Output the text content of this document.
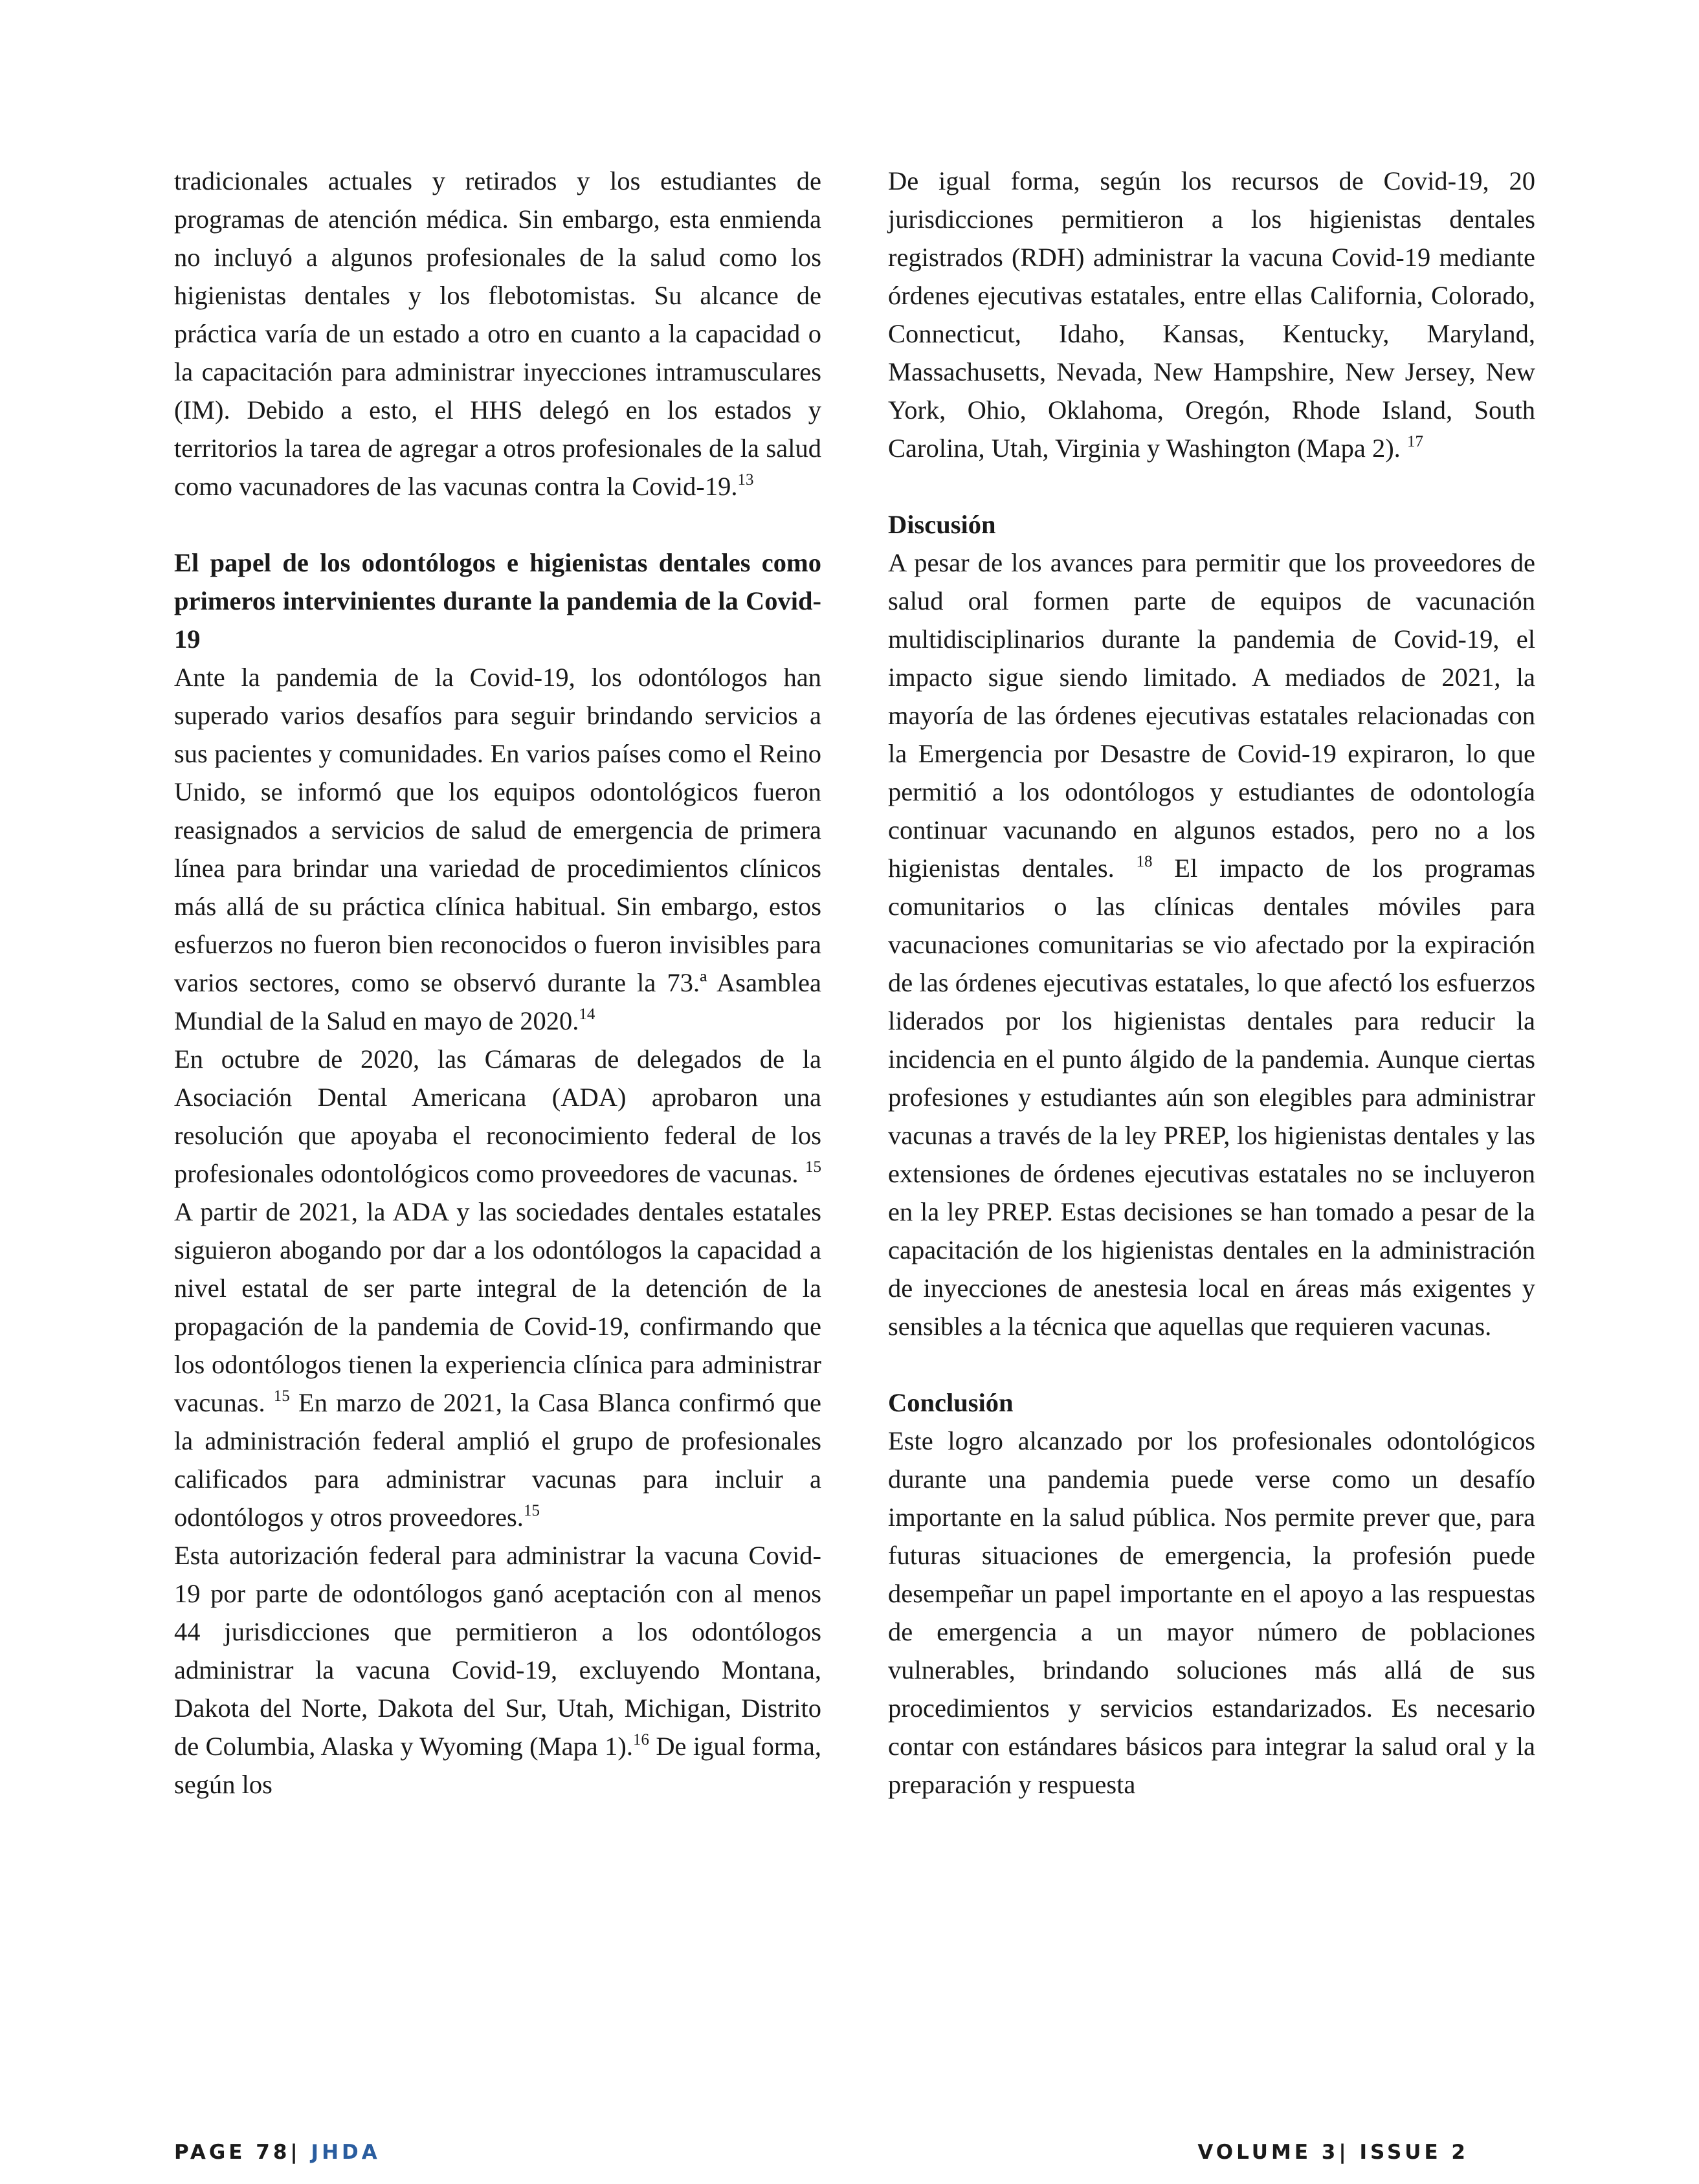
tradicionales actuales y retirados y los estudiantes de programas de atención médica. Sin embargo, esta enmienda no incluyó a algunos profesionales de la salud como los higienistas dentales y los flebotomistas. Su alcance de práctica varía de un estado a otro en cuanto a la capacidad o la capacitación para administrar inyecciones intramusculares (IM). Debido a esto, el HHS delegó en los estados y territorios la tarea de agregar a otros profesionales de la salud como vacunadores de las vacunas contra la Covid-19.13

El papel de los odontólogos e higienistas dentales como primeros intervinientes durante la pandemia de la Covid-19

Ante la pandemia de la Covid-19, los odontólogos han superado varios desafíos para seguir brindando servicios a sus pacientes y comunidades. En varios países como el Reino Unido, se informó que los equipos odontológicos fueron reasignados a servicios de salud de emergencia de primera línea para brindar una variedad de procedimientos clínicos más allá de su práctica clínica habitual. Sin embargo, estos esfuerzos no fueron bien reconocidos o fueron invisibles para varios sectores, como se observó durante la 73.ª Asamblea Mundial de la Salud en mayo de 2020.14

En octubre de 2020, las Cámaras de delegados de la Asociación Dental Americana (ADA) aprobaron una resolución que apoyaba el reconocimiento federal de los profesionales odontológicos como proveedores de vacunas. $^{15}$ A partir de 2021, la ADA y las sociedades dentales estatales siguieron abogando por dar a los odontólogos la capacidad a nivel estatal de ser parte integral de la detención de la propagación de la pandemia de Covid-19, confirmando que los odontólogos tienen la experiencia clínica para administrar vacunas. $^{15}$ En marzo de 2021, la Casa Blanca confirmó que la administración federal amplió el grupo de profesionales calificados para administrar vacunas para incluir a odontólogos y otros proveedores.$^{15}$

Esta autorización federal para administrar la vacuna Covid-19 por parte de odontólogos ganó aceptación con al menos 44 jurisdicciones que permitieron a los odontólogos administrar la vacuna Covid-19, excluyendo Montana, Dakota del Norte, Dakota del Sur, Utah, Michigan, Distrito de Columbia, Alaska y Wyoming (Mapa 1).$^{16}$ De igual forma, según los

De igual forma, según los recursos de Covid-19, 20 jurisdicciones permitieron a los higienistas dentales registrados (RDH) administrar la vacuna Covid-19 mediante órdenes ejecutivas estatales, entre ellas California, Colorado, Connecticut, Idaho, Kansas, Kentucky, Maryland, Massachusetts, Nevada, New Hampshire, New Jersey, New York, Ohio, Oklahoma, Oregón, Rhode Island, South Carolina, Utah, Virginia y Washington (Mapa 2). $^{17}$

Discusión

A pesar de los avances para permitir que los proveedores de salud oral formen parte de equipos de vacunación multidisciplinarios durante la pandemia de Covid-19, el impacto sigue siendo limitado. A mediados de 2021, la mayoría de las órdenes ejecutivas estatales relacionadas con la Emergencia por Desastre de Covid-19 expiraron, lo que permitió a los odontólogos y estudiantes de odontología continuar vacunando en algunos estados, pero no a los higienistas dentales. $^{18}$ El impacto de los programas comunitarios o las clínicas dentales móviles para vacunaciones comunitarias se vio afectado por la expiración de las órdenes ejecutivas estatales, lo que afectó los esfuerzos liderados por los higienistas dentales para reducir la incidencia en el punto álgido de la pandemia. Aunque ciertas profesiones y estudiantes aún son elegibles para administrar vacunas a través de la ley PREP, los higienistas dentales y las extensiones de órdenes ejecutivas estatales no se incluyeron en la ley PREP. Estas decisiones se han tomado a pesar de la capacitación de los higienistas dentales en la administración de inyecciones de anestesia local en áreas más exigentes y sensibles a la técnica que aquellas que requieren vacunas.

Conclusión

Este logro alcanzado por los profesionales odontológicos durante una pandemia puede verse como un desafío importante en la salud pública. Nos permite prever que, para futuras situaciones de emergencia, la profesión puede desempeñar un papel importante en el apoyo a las respuestas de emergencia a un mayor número de poblaciones vulnerables, brindando soluciones más allá de sus procedimientos y servicios estandarizados. Es necesario contar con estándares básicos para integrar la salud oral y la preparación y respuesta

PAGE 78| JHDA	VOLUME 3| ISSUE 2
